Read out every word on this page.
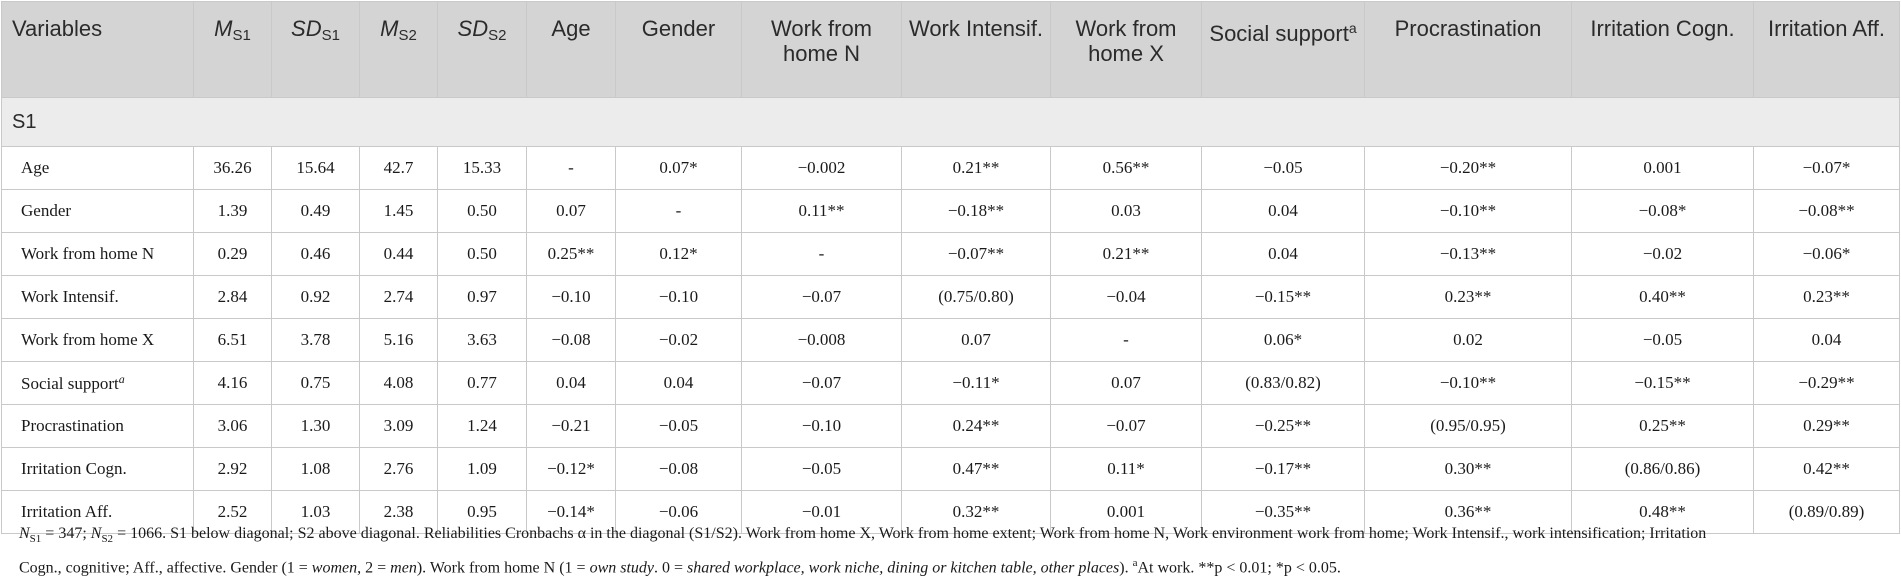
Variables	$M_{S1}$	$SD_{S1}$	$M_{S2}$	$SD_{S2}$	Age	Gender	Work from home N	Work Intensif.	Work from home X	Social support$^a$	Procrastination	Irritation Cogn.	Irritation Aff.
S1													
Age	36.26	15.64	42.7	15.33	-	0.07*	−0.002	0.21**	0.56**	−0.05	−0.20**	0.001	−0.07*
Gender	1.39	0.49	1.45	0.50	0.07	-	0.11**	−0.18**	0.03	0.04	−0.10**	−0.08*	−0.08**
Work from home N	0.29	0.46	0.44	0.50	0.25**	0.12*	-	−0.07**	0.21**	0.04	−0.13**	−0.02	−0.06*
Work Intensif.	2.84	0.92	2.74	0.97	−0.10	−0.10	−0.07	(0.75/0.80)	−0.04	−0.15**	0.23**	0.40**	0.23**
Work from home X	6.51	3.78	5.16	3.63	−0.08	−0.02	−0.008	0.07	-	0.06*	0.02	−0.05	0.04
Social support$^a$	4.16	0.75	4.08	0.77	0.04	0.04	−0.07	−0.11*	0.07	(0.83/0.82)	−0.10**	−0.15**	−0.29**
Procrastination	3.06	1.30	3.09	1.24	−0.21	−0.05	−0.10	0.24**	−0.07	−0.25**	(0.95/0.95)	0.25**	0.29**
Irritation Cogn.	2.92	1.08	2.76	1.09	−0.12*	−0.08	−0.05	0.47**	0.11*	−0.17**	0.30**	(0.86/0.86)	0.42**
Irritation Aff.	2.52	1.03	2.38	0.95	−0.14*	−0.06	−0.01	0.32**	0.001	−0.35**	0.36**	0.48**	(0.89/0.89)
$N_{S1} = 347$; $N_{S2} = 1066$. S1 below diagonal; S2 above diagonal. Reliabilities Cronbachs α in the diagonal (S1/S2). Work from home X, Work from home extent; Work from home N, Work environment work from home; Work Intensif., work intensification; Irritation
Cogn., cognitive; Aff., affective. Gender (1 = women, 2 = men). Work from home N (1 = own study. 0 = shared workplace, work niche, dining or kitchen table, other places). $^a$At work. **p < 0.01; *p < 0.05.
